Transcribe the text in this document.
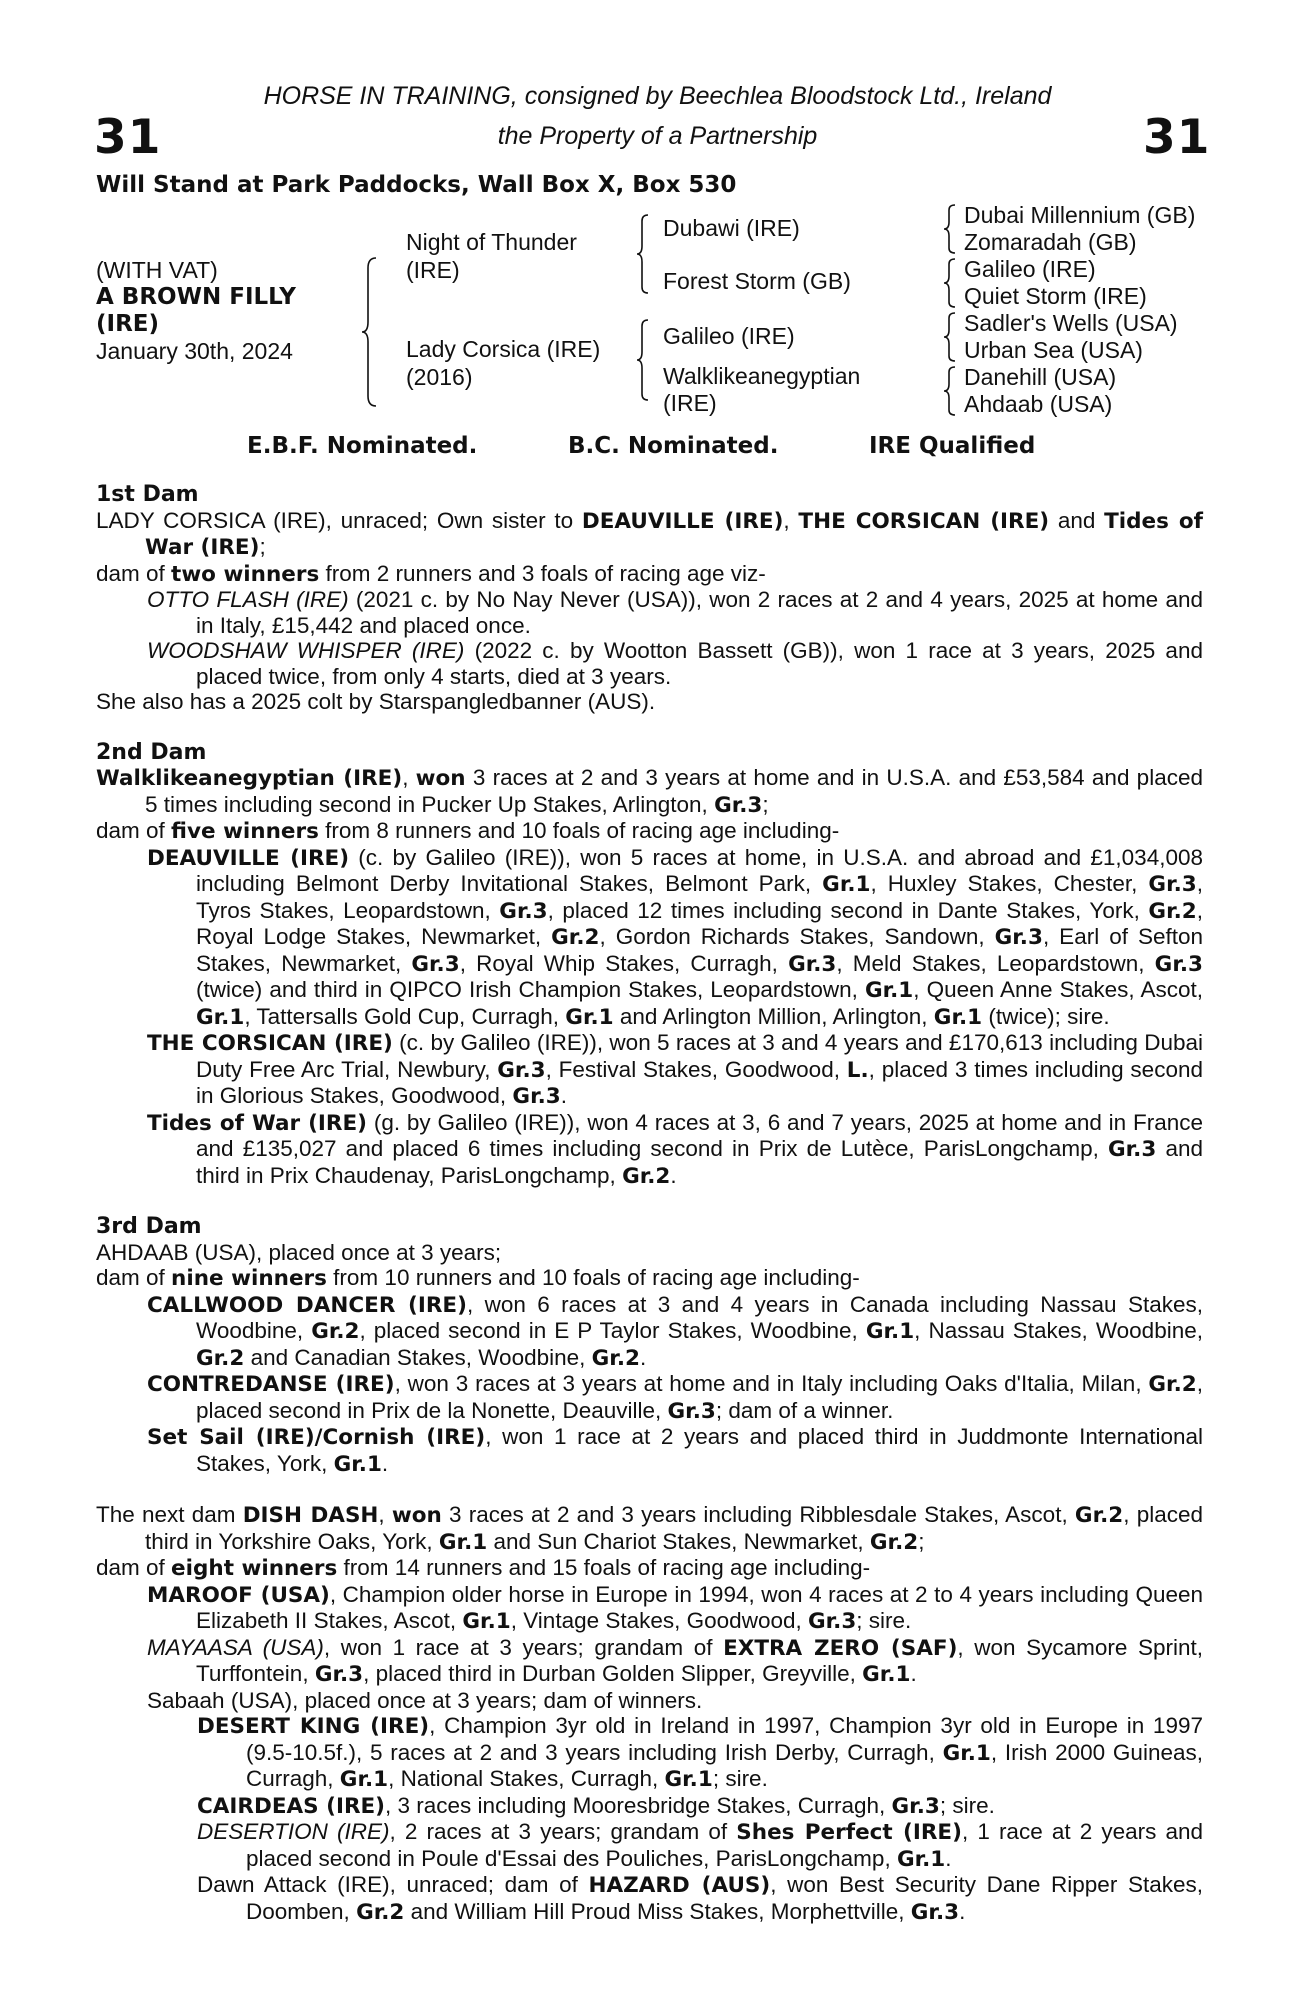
HORSE IN TRAINING, consigned by Beechlea Bloodstock Ltd., Ireland
the Property of a Partnership
31	31
Will Stand at Park Paddocks, Wall Box X, Box 530
(WITH VAT)
A BROWN FILLY
(IRE)
January 30th, 2024
Night of Thunder
(IRE)
Lady Corsica (IRE)
(2016)
Dubawi (IRE)
Forest Storm (GB)
Galileo (IRE)
Walklikeanegyptian
(IRE)
Dubai Millennium (GB)
Zomaradah (GB)
Galileo (IRE)
Quiet Storm (IRE)
Sadler's Wells (USA)
Urban Sea (USA)
Danehill (USA)
Ahdaab (USA)
E.B.F. Nominated.	B.C. Nominated.	IRE Qualified
1st Dam
LADY CORSICA (IRE), unraced; Own sister to DEAUVILLE (IRE), THE CORSICAN (IRE) and Tides of War (IRE);
dam of two winners from 2 runners and 3 foals of racing age viz-
OTTO FLASH (IRE) (2021 c. by No Nay Never (USA)), won 2 races at 2 and 4 years, 2025 at home and in Italy, £15,442 and placed once.
WOODSHAW WHISPER (IRE) (2022 c. by Wootton Bassett (GB)), won 1 race at 3 years, 2025 and placed twice, from only 4 starts, died at 3 years.
She also has a 2025 colt by Starspangledbanner (AUS).
2nd Dam
Walklikeanegyptian (IRE), won 3 races at 2 and 3 years at home and in U.S.A. and £53,584 and placed 5 times including second in Pucker Up Stakes, Arlington, Gr.3;
dam of five winners from 8 runners and 10 foals of racing age including-
DEAUVILLE (IRE) (c. by Galileo (IRE)), won 5 races at home, in U.S.A. and abroad and £1,034,008 including Belmont Derby Invitational Stakes, Belmont Park, Gr.1, Huxley Stakes, Chester, Gr.3, Tyros Stakes, Leopardstown, Gr.3, placed 12 times including second in Dante Stakes, York, Gr.2, Royal Lodge Stakes, Newmarket, Gr.2, Gordon Richards Stakes, Sandown, Gr.3, Earl of Sefton Stakes, Newmarket, Gr.3, Royal Whip Stakes, Curragh, Gr.3, Meld Stakes, Leopardstown, Gr.3 (twice) and third in QIPCO Irish Champion Stakes, Leopardstown, Gr.1, Queen Anne Stakes, Ascot, Gr.1, Tattersalls Gold Cup, Curragh, Gr.1 and Arlington Million, Arlington, Gr.1 (twice); sire.
THE CORSICAN (IRE) (c. by Galileo (IRE)), won 5 races at 3 and 4 years and £170,613 including Dubai Duty Free Arc Trial, Newbury, Gr.3, Festival Stakes, Goodwood, L., placed 3 times including second in Glorious Stakes, Goodwood, Gr.3.
Tides of War (IRE) (g. by Galileo (IRE)), won 4 races at 3, 6 and 7 years, 2025 at home and in France and £135,027 and placed 6 times including second in Prix de Lutèce, ParisLongchamp, Gr.3 and third in Prix Chaudenay, ParisLongchamp, Gr.2.
3rd Dam
AHDAAB (USA), placed once at 3 years;
dam of nine winners from 10 runners and 10 foals of racing age including-
CALLWOOD DANCER (IRE), won 6 races at 3 and 4 years in Canada including Nassau Stakes, Woodbine, Gr.2, placed second in E P Taylor Stakes, Woodbine, Gr.1, Nassau Stakes, Woodbine, Gr.2 and Canadian Stakes, Woodbine, Gr.2.
CONTREDANSE (IRE), won 3 races at 3 years at home and in Italy including Oaks d'Italia, Milan, Gr.2, placed second in Prix de la Nonette, Deauville, Gr.3; dam of a winner.
Set Sail (IRE)/Cornish (IRE), won 1 race at 2 years and placed third in Juddmonte International Stakes, York, Gr.1.
The next dam DISH DASH, won 3 races at 2 and 3 years including Ribblesdale Stakes, Ascot, Gr.2, placed third in Yorkshire Oaks, York, Gr.1 and Sun Chariot Stakes, Newmarket, Gr.2;
dam of eight winners from 14 runners and 15 foals of racing age including-
MAROOF (USA), Champion older horse in Europe in 1994, won 4 races at 2 to 4 years including Queen Elizabeth II Stakes, Ascot, Gr.1, Vintage Stakes, Goodwood, Gr.3; sire.
MAYAASA (USA), won 1 race at 3 years; grandam of EXTRA ZERO (SAF), won Sycamore Sprint, Turffontein, Gr.3, placed third in Durban Golden Slipper, Greyville, Gr.1.
Sabaah (USA), placed once at 3 years; dam of winners.
DESERT KING (IRE), Champion 3yr old in Ireland in 1997, Champion 3yr old in Europe in 1997 (9.5-10.5f.), 5 races at 2 and 3 years including Irish Derby, Curragh, Gr.1, Irish 2000 Guineas, Curragh, Gr.1, National Stakes, Curragh, Gr.1; sire.
CAIRDEAS (IRE), 3 races including Mooresbridge Stakes, Curragh, Gr.3; sire.
DESERTION (IRE), 2 races at 3 years; grandam of Shes Perfect (IRE), 1 race at 2 years and placed second in Poule d'Essai des Pouliches, ParisLongchamp, Gr.1.
Dawn Attack (IRE), unraced; dam of HAZARD (AUS), won Best Security Dane Ripper Stakes, Doomben, Gr.2 and William Hill Proud Miss Stakes, Morphettville, Gr.3.
